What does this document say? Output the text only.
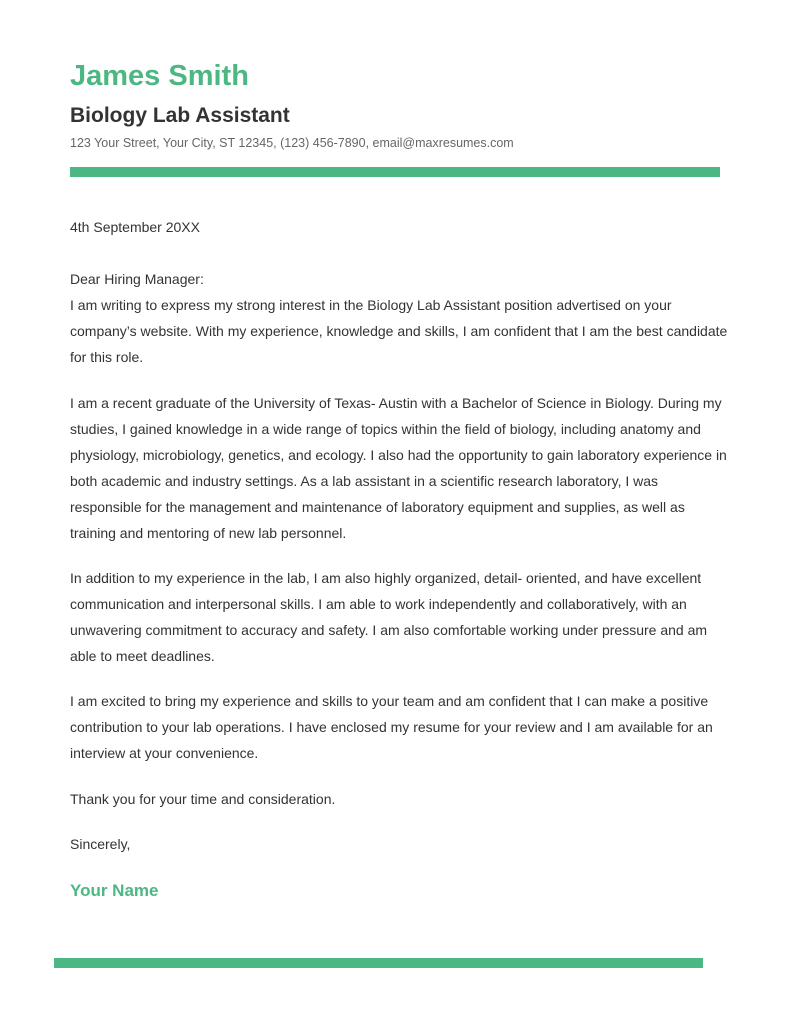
James Smith
Biology Lab Assistant
123 Your Street, Your City, ST 12345, (123) 456-7890, email@maxresumes.com
4th September 20XX
Dear Hiring Manager:

I am writing to express my strong interest in the Biology Lab Assistant position advertised on your company’s website. With my experience, knowledge and skills, I am confident that I am the best candidate for this role.

I am a recent graduate of the University of Texas- Austin with a Bachelor of Science in Biology. During my studies, I gained knowledge in a wide range of topics within the field of biology, including anatomy and physiology, microbiology, genetics, and ecology. I also had the opportunity to gain laboratory experience in both academic and industry settings. As a lab assistant in a scientific research laboratory, I was responsible for the management and maintenance of laboratory equipment and supplies, as well as training and mentoring of new lab personnel.

In addition to my experience in the lab, I am also highly organized, detail- oriented, and have excellent communication and interpersonal skills. I am able to work independently and collaboratively, with an unwavering commitment to accuracy and safety. I am also comfortable working under pressure and am able to meet deadlines.

I am excited to bring my experience and skills to your team and am confident that I can make a positive contribution to your lab operations. I have enclosed my resume for your review and I am available for an interview at your convenience.

Thank you for your time and consideration.
Sincerely,
Your Name
